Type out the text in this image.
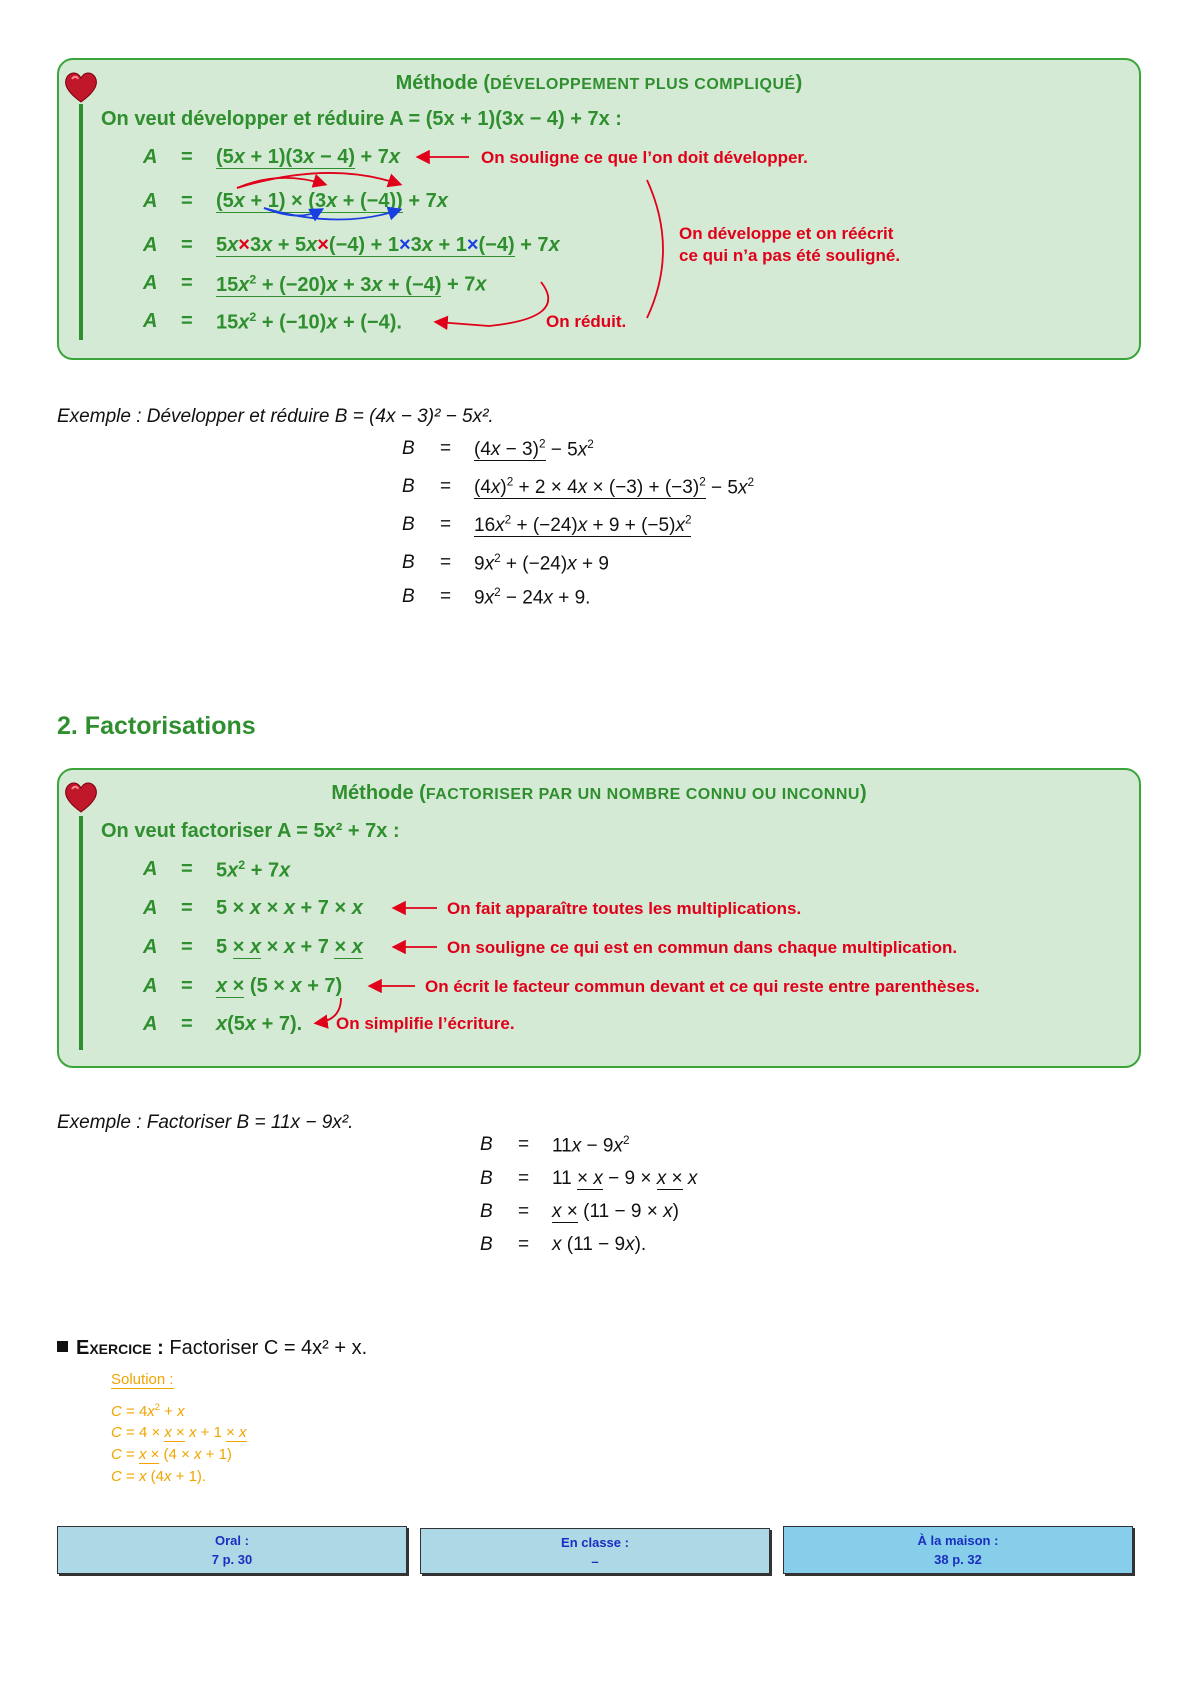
Méthode (DÉVELOPPEMENT PLUS COMPLIQUÉ)
On veut développer et réduire A = (5x + 1)(3x − 4) + 7x :
A = (5x + 1)(3x − 4) + 7x
A = (5x + 1) × (3x + (−4)) + 7x
A = 5x×3x + 5x×(−4) + 1×3x + 1×(−4) + 7x
$A = 15x^2 + (-20)x + 3x + (-4) + 7x$
$A = 15x^2 + (-10)x + (-4)$.
On souligne ce que l’on doit développer.
On développe et on réécrit
ce qui n’a pas été souligné.
On réduit.
Exemple : Développer et réduire B = (4x − 3)² − 5x².
$B = (4x - 3)^2 - 5x^2$
$B = (4x)^2 + 2 \times 4x \times (-3) + (-3)^2 - 5x^2$
$B = 16x^2 + (-24)x + 9 + (-5)x^2$
$B = 9x^2 + (-24)x + 9$
$B = 9x^2 - 24x + 9$.
2. Factorisations
Méthode (FACTORISER PAR UN NOMBRE CONNU OU INCONNU)
On veut factoriser A = 5x² + 7x :
$A = 5x^2 + 7x$
A = 5 × x × x + 7 × x
A = 5 × x × x + 7 × x
A = x × (5 × x + 7)
A = x(5x + 7).
On fait apparaître toutes les multiplications.
On souligne ce qui est en commun dans chaque multiplication.
On écrit le facteur commun devant et ce qui reste entre parenthèses.
On simplifie l’écriture.
Exemple : Factoriser B = 11x − 9x².
$B = 11x - 9x^2$
B = 11 × x − 9 × x × x
B = x × (11 − 9 × x)
B = x (11 − 9x).
Exercice : Factoriser C = 4x² + x.
Solution :
$C = 4x^2 + x$
C = 4 × x × x + 1 × x
C = x × (4 × x + 1)
C = x (4x + 1).
Oral :
7 p. 30
En classe :
–
À la maison :
38 p. 32
